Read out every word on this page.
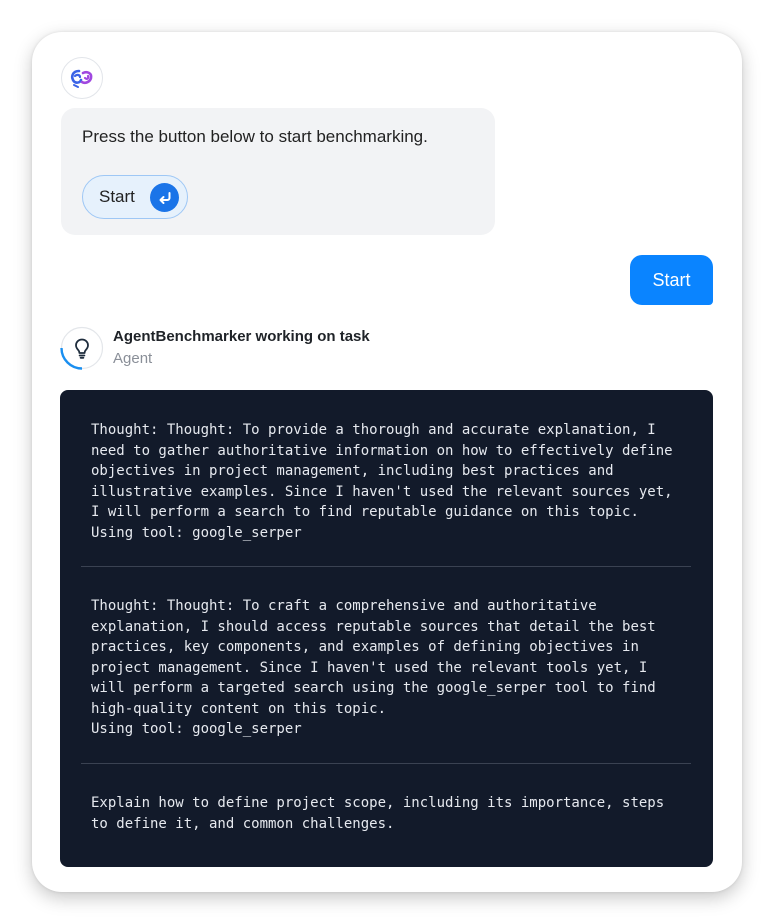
Press the button below to start benchmarking.
Start
Start
AgentBenchmarker working on task
Agent
Thought: Thought: To provide a thorough and accurate explanation, I
need to gather authoritative information on how to effectively define
objectives in project management, including best practices and
illustrative examples. Since I haven't used the relevant sources yet,
I will perform a search to find reputable guidance on this topic.
Using tool: google_serper
Thought: Thought: To craft a comprehensive and authoritative
explanation, I should access reputable sources that detail the best
practices, key components, and examples of defining objectives in
project management. Since I haven't used the relevant tools yet, I
will perform a targeted search using the google_serper tool to find
high-quality content on this topic.
Using tool: google_serper
Explain how to define project scope, including its importance, steps
to define it, and common challenges.
